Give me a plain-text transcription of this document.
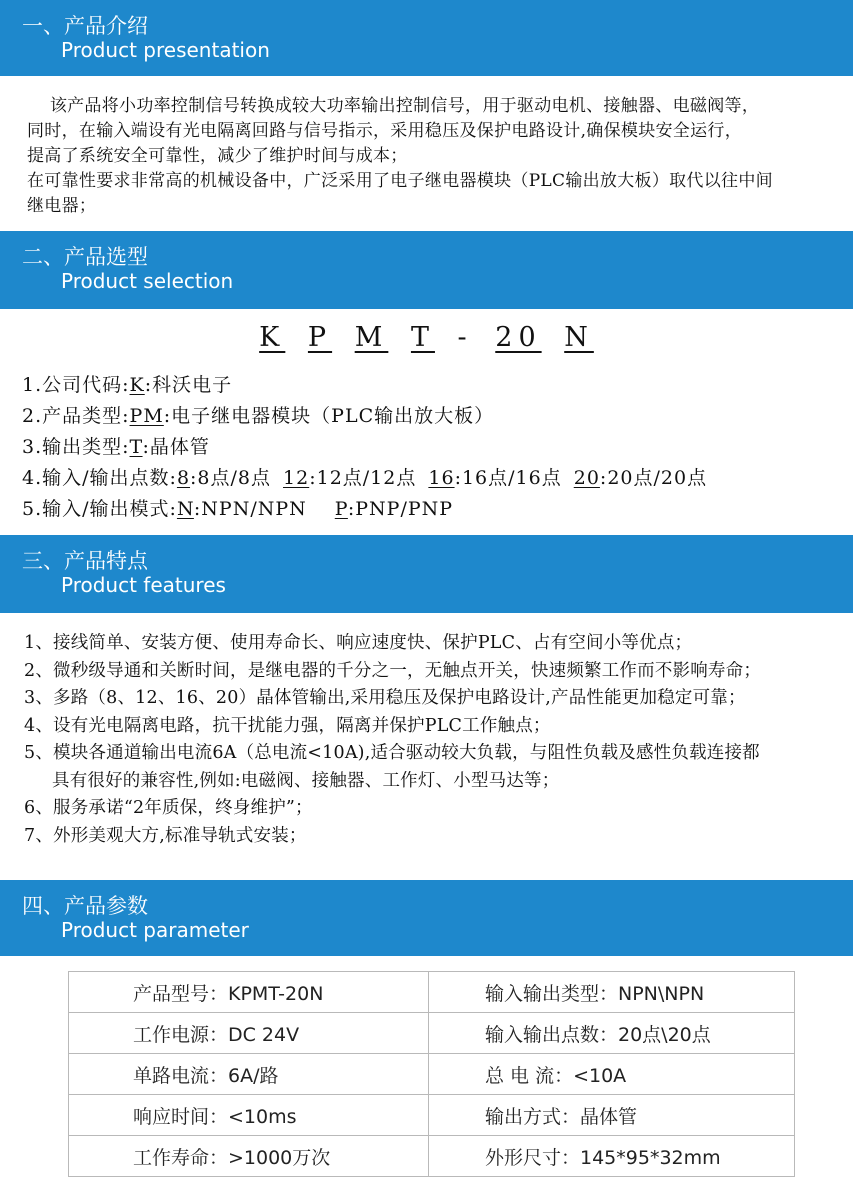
一、产品介绍
Product presentation

该产品将小功率控制信号转换成较大功率输出控制信号，用于驱动电机、接触器、电磁阀等，

同时，在输入端设有光电隔离回路与信号指示，采用稳压及保护电路设计,确保模块安全运行，

提高了系统安全可靠性，减少了维护时间与成本；

在可靠性要求非常高的机械设备中，广泛采用了电子继电器模块（PLC输出放大板）取代以往中间

继电器；

二、产品选型
Product selection
K P M T - 20 N
1.公司代码:K:科沃电子
2.产品类型:PM:电子继电器模块（PLC输出放大板）
3.输出类型:T:晶体管
4.输入/输出点数:8:8点/8点 12:12点/12点 16:16点/16点 20:20点/20点
5.输入/输出模式:N:NPN/NPN P:PNP/PNP
三、产品特点
Product features
1、接线简单、安装方便、使用寿命长、响应速度快、保护PLC、占有空间小等优点；
2、微秒级导通和关断时间，是继电器的千分之一，无触点开关，快速频繁工作而不影响寿命；
3、多路（8、12、16、20）晶体管输出,采用稳压及保护电路设计,产品性能更加稳定可靠；
4、设有光电隔离电路，抗干扰能力强，隔离并保护PLC工作触点；
5、模块各通道输出电流6A（总电流<10A),适合驱动较大负载，与阻性负载及感性负载连接都
具有很好的兼容性,例如:电磁阀、接触器、工作灯、小型马达等；
6、服务承诺“2年质保，终身维护”；
7、外形美观大方,标准导轨式安装；
四、产品参数
Product parameter
产品型号：KPMT-20N	输入输出类型：NPN\NPN
工作电源：DC 24V	输入输出点数：20点\20点
单路电流：6A/路	总 电 流：<10A
响应时间：<10ms	输出方式：晶体管
工作寿命：>1000万次	外形尺寸：145*95*32mm
